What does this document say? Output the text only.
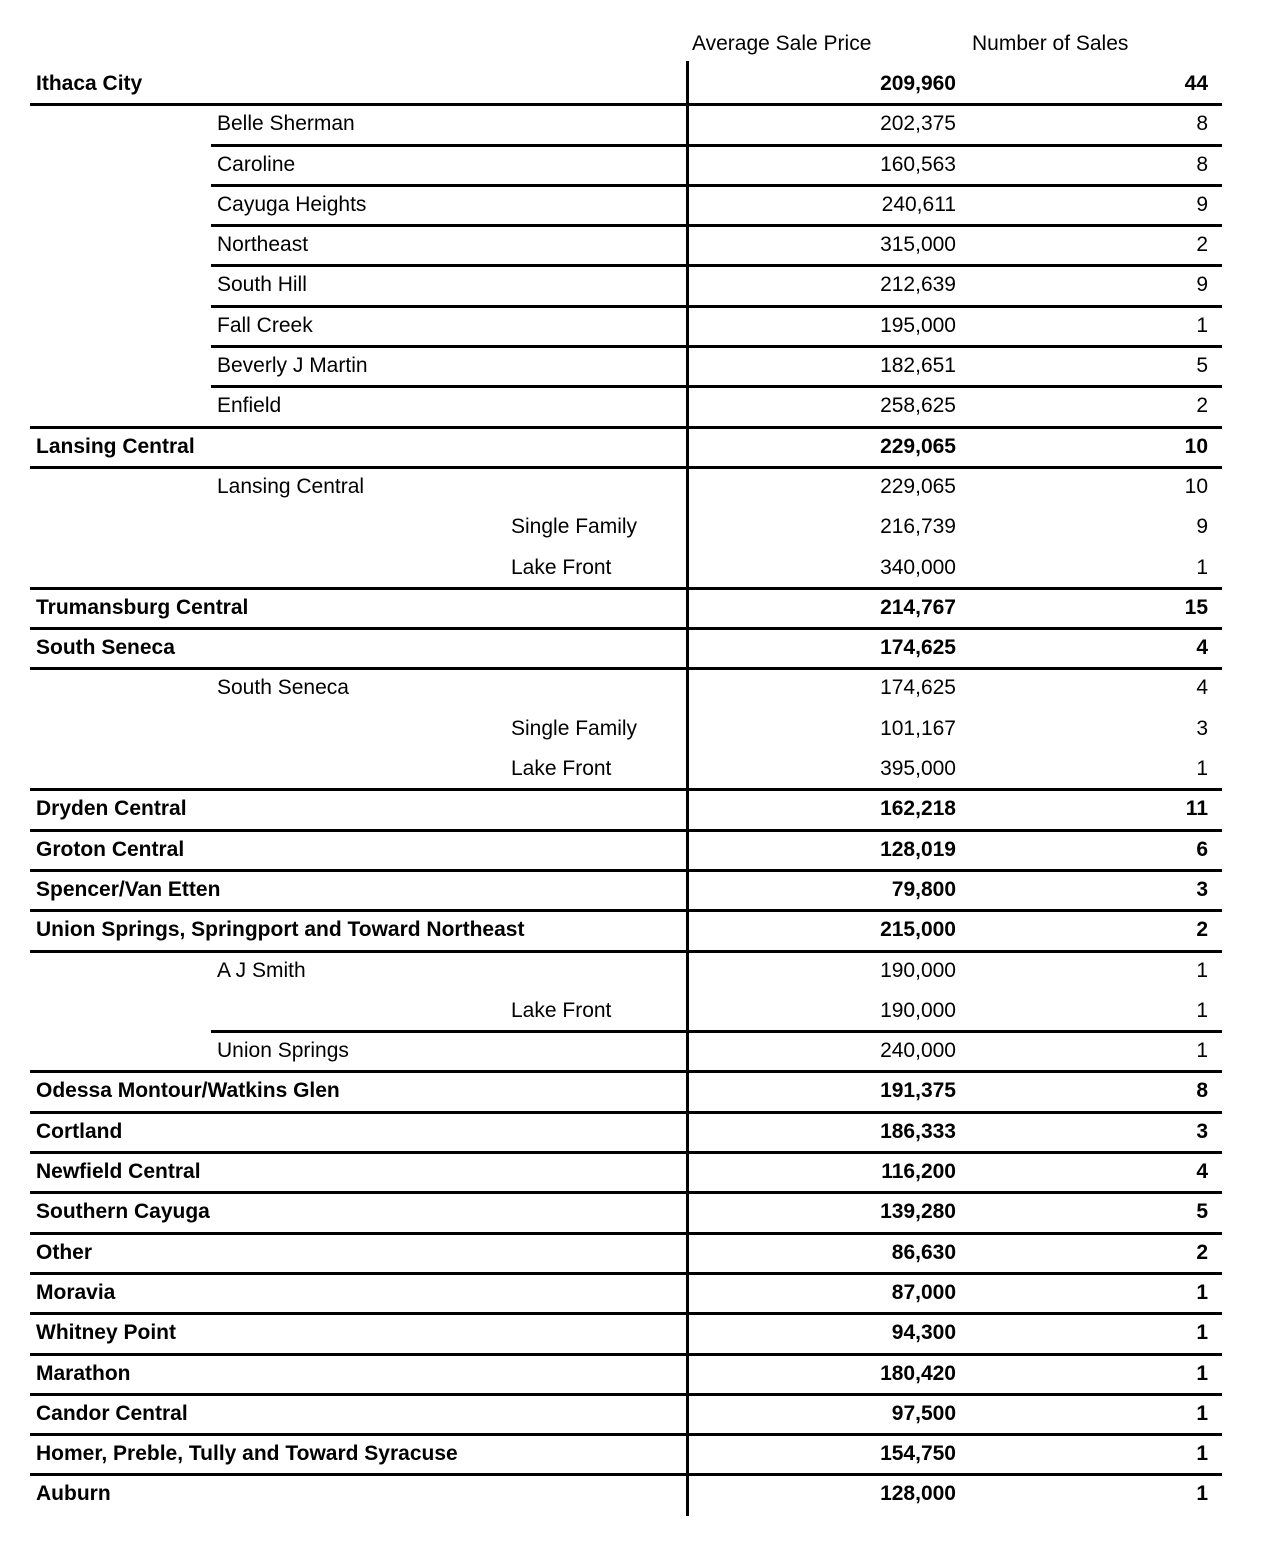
Average Sale Price	Number of Sales
Ithaca City	209,960	44
Belle Sherman	202,375	8
Caroline	160,563	8
Cayuga Heights	240,611	9
Northeast	315,000	2
South Hill	212,639	9
Fall Creek	195,000	1
Beverly J Martin	182,651	5
Enfield	258,625	2
Lansing Central	229,065	10
Lansing Central	229,065	10
Single Family	216,739	9
Lake Front	340,000	1
Trumansburg Central	214,767	15
South Seneca	174,625	4
South Seneca	174,625	4
Single Family	101,167	3
Lake Front	395,000	1
Dryden Central	162,218	11
Groton Central	128,019	6
Spencer/Van Etten	79,800	3
Union Springs, Springport and Toward Northeast	215,000	2
A J Smith	190,000	1
Lake Front	190,000	1
Union Springs	240,000	1
Odessa Montour/Watkins Glen	191,375	8
Cortland	186,333	3
Newfield Central	116,200	4
Southern Cayuga	139,280	5
Other	86,630	2
Moravia	87,000	1
Whitney Point	94,300	1
Marathon	180,420	1
Candor Central	97,500	1
Homer, Preble, Tully and Toward Syracuse	154,750	1
Auburn	128,000	1
